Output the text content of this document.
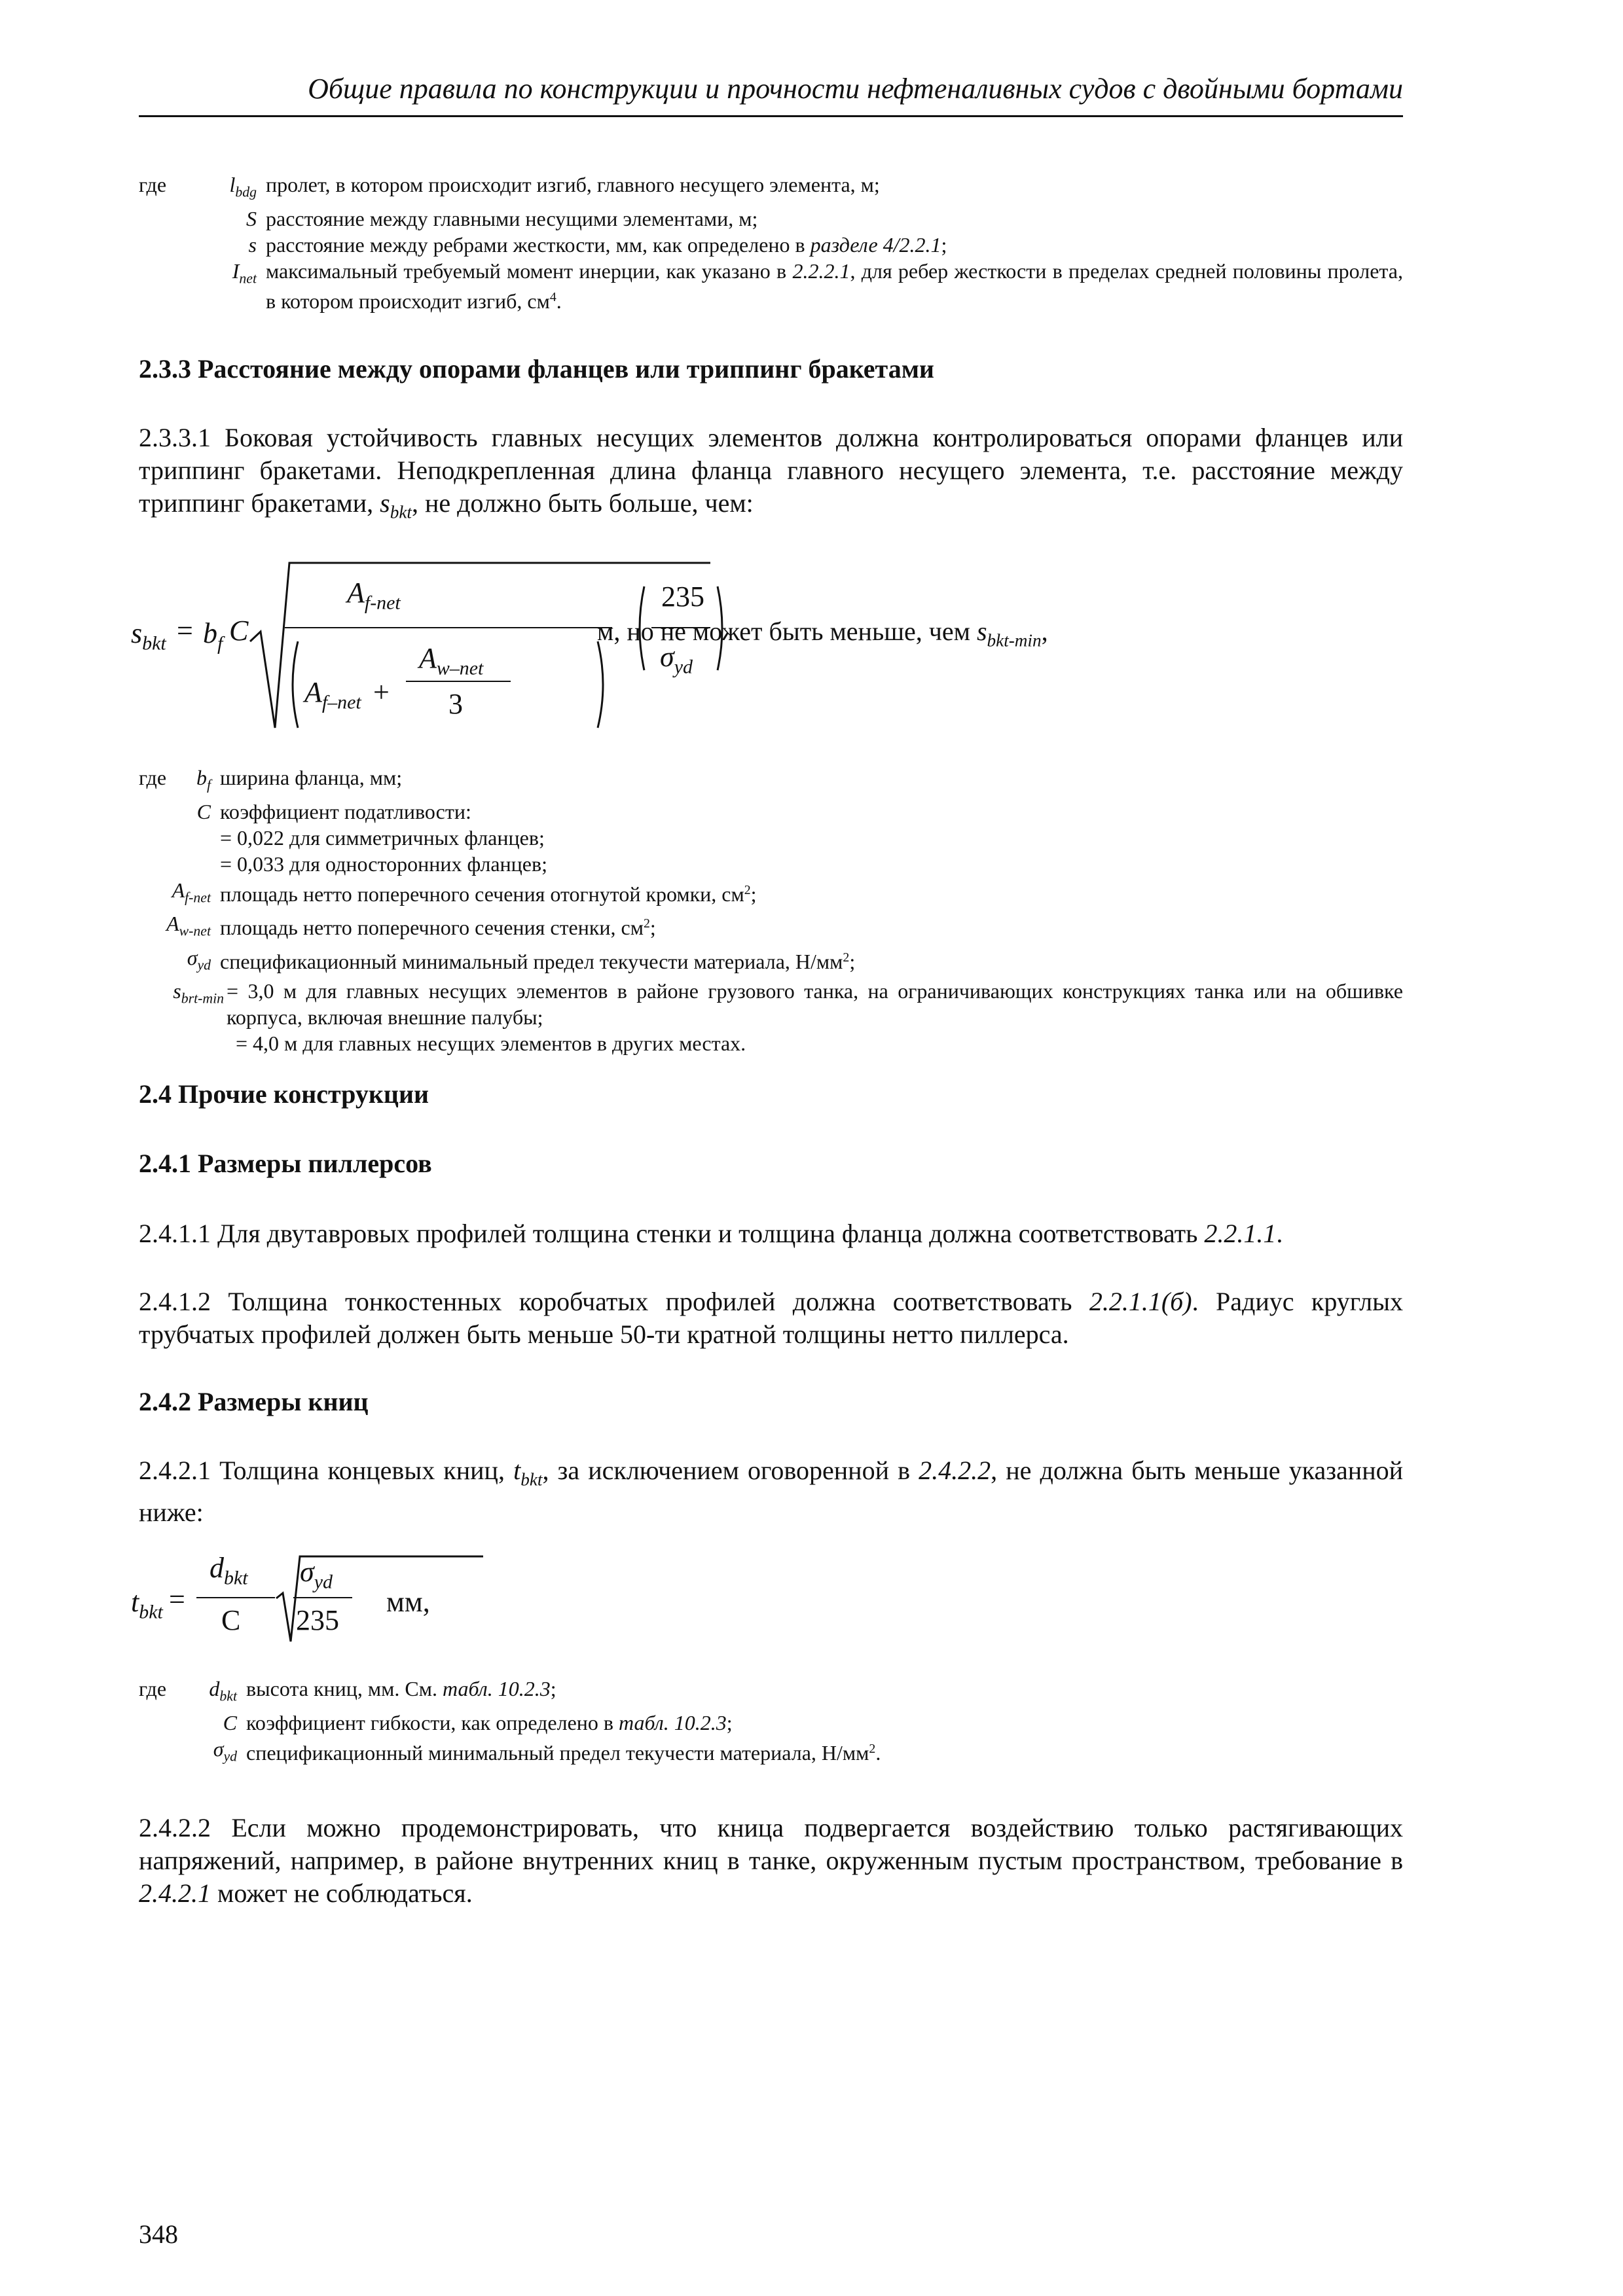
Общие правила по конструкции и прочности нефтеналивных судов с двойными бортами
где	$l_{bdg}$ пролет, в котором происходит изгиб, главного несущего элемента, м;
S расстояние между главными несущими элементами, м;
s расстояние между ребрами жесткости, мм, как определено в разделе 4/2.2.1;
$I_{net}$ максимальный требуемый момент инерции, как указано в 2.2.2.1, для ребер жесткости в пределах средней половины пролета, в котором происходит изгиб, $см^4$.
2.3.3 Расстояние между опорами фланцев или триппинг бракетами
2.3.3.1 Боковая устойчивость главных несущих элементов должна контролироваться опорами фланцев или триппинг бракетами. Неподкрепленная длина фланца главного несущего элемента, т.е. расстояние между триппинг бракетами, $s_{bkt}$, не должно быть больше, чем:
$s_{bkt} = b_f$ C
$A_{f-net}$
$A_{f-net}$ +
$A_{w-net}$
3
235
$\sigma_{yd}$
м, но не может быть меньше, чем $s_{bkt-min}$,
где	$b_f$ ширина фланца, мм;
C коэффициент податливости:
= 0,022 для симметричных фланцев;
= 0,033 для односторонних фланцев;
$A_{f-net}$ площадь нетто поперечного сечения отогнутой кромки, $см^2$;
$A_{w-net}$ площадь нетто поперечного сечения стенки, $см^2$;
$\sigma_{yd}$ спецификационный минимальный предел текучести материала, $Н/мм^2$;
$s_{brt-min} = 3,0$ м для главных несущих элементов в районе грузового танка, на ограничивающих конструкциях танка или на обшивке корпуса, включая внешние палубы;
= 4,0 м для главных несущих элементов в других местах.
2.4 Прочие конструкции
2.4.1 Размеры пиллерсов
2.4.1.1 Для двутавровых профилей толщина стенки и толщина фланца должна соответствовать 2.2.1.1.
2.4.1.2 Толщина тонкостенных коробчатых профилей должна соответствовать 2.2.1.1(б). Радиус круглых трубчатых профилей должен быть меньше 50-ти кратной толщины нетто пиллерса.
2.4.2 Размеры книц
2.4.2.1 Толщина концевых книц, $t_{bkt}$, за исключением оговоренной в 2.4.2.2, не должна быть меньше указанной ниже:
$t_{bkt}$ =
$d_{bkt}$
C
$\sigma_{yd}$
235
мм,
где	$d_{bkt}$ высота книц, мм. См. табл. 10.2.3;
C коэффициент гибкости, как определено в табл. 10.2.3;
$\sigma_{yd}$ спецификационный минимальный предел текучести материала, $Н/мм^2$.
2.4.2.2 Если можно продемонстрировать, что кница подвергается воздействию только растягивающих напряжений, например, в районе внутренних книц в танке, окруженным пустым пространством, требование в 2.4.2.1 может не соблюдаться.
348
